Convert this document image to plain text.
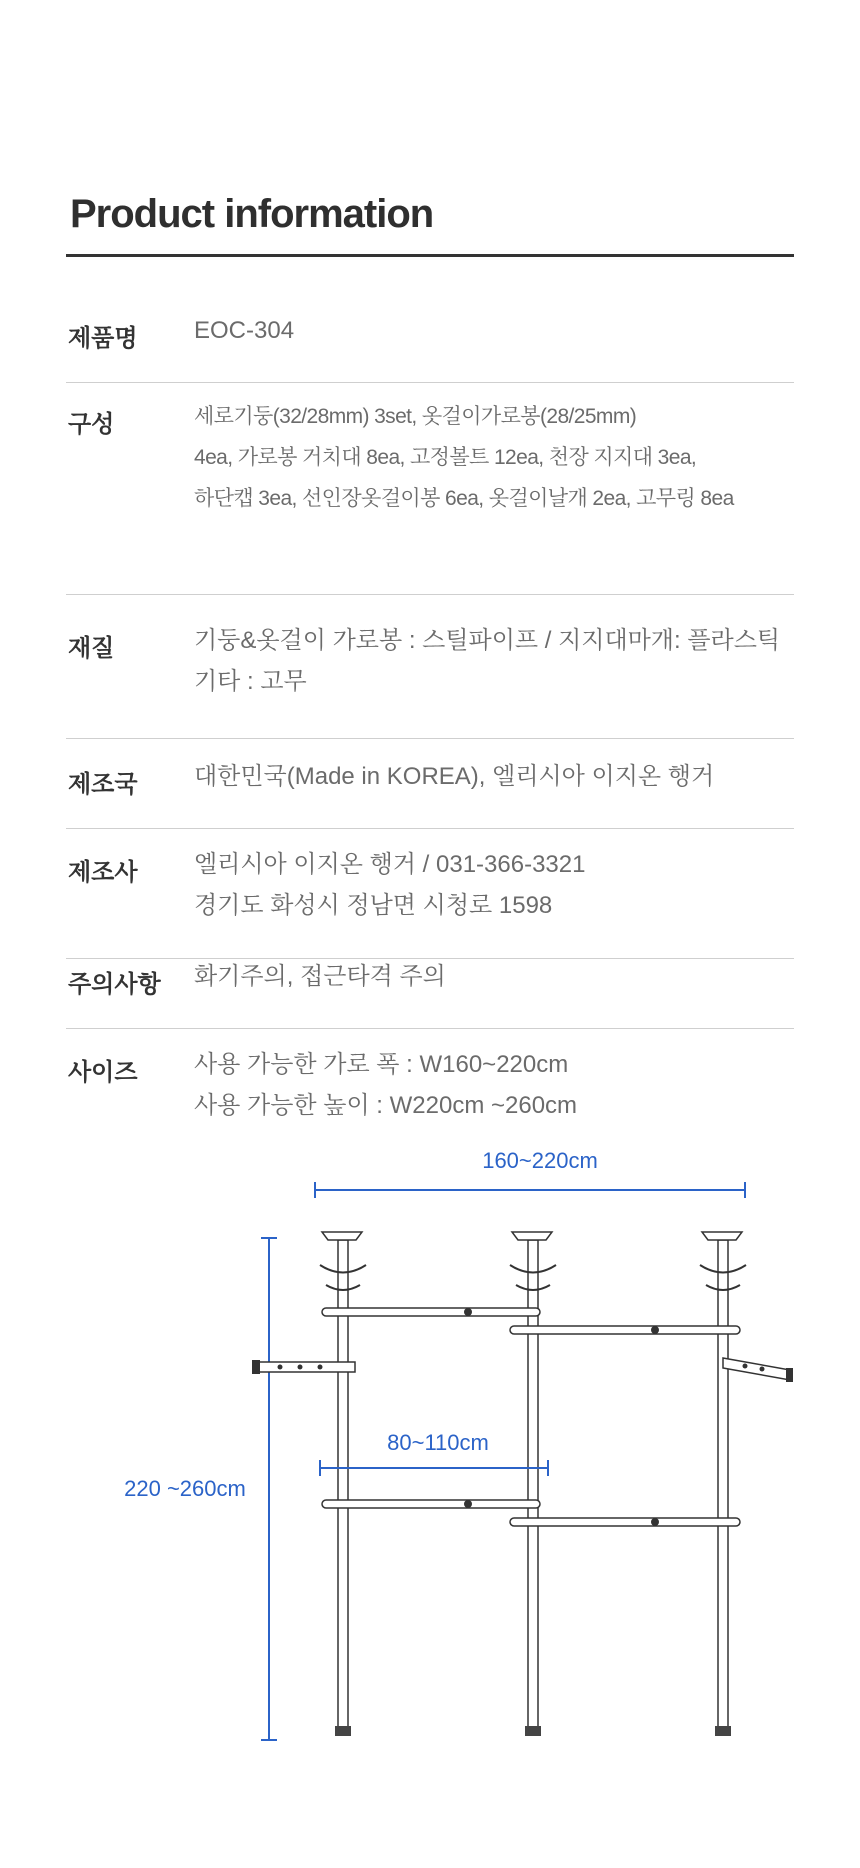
Product information
제품명 EOC-304
구성	세로기둥(32/28mm) 3set, 옷걸이가로봉(28/25mm)
4ea, 가로봉 거치대 8ea, 고정볼트 12ea, 천장 지지대 3ea,
하단캡 3ea, 선인장옷걸이봉 6ea, 옷걸이날개 2ea, 고무링 8ea
재질	기둥&옷걸이 가로봉 : 스틸파이프 / 지지대마개: 플라스틱
기타 : 고무
제조국 대한민국(Made in KOREA), 엘리시아 이지온 행거
제조사 엘리시아 이지온 행거 / 031-366-3321
경기도 화성시 정남면 시청로 1598
주의사항 화기주의, 접근타격 주의
사이즈 사용 가능한 가로 폭 : W160~220cm
사용 가능한 높이 : W220cm ~260cm
160~220cm
220 ~260cm
80~110cm
